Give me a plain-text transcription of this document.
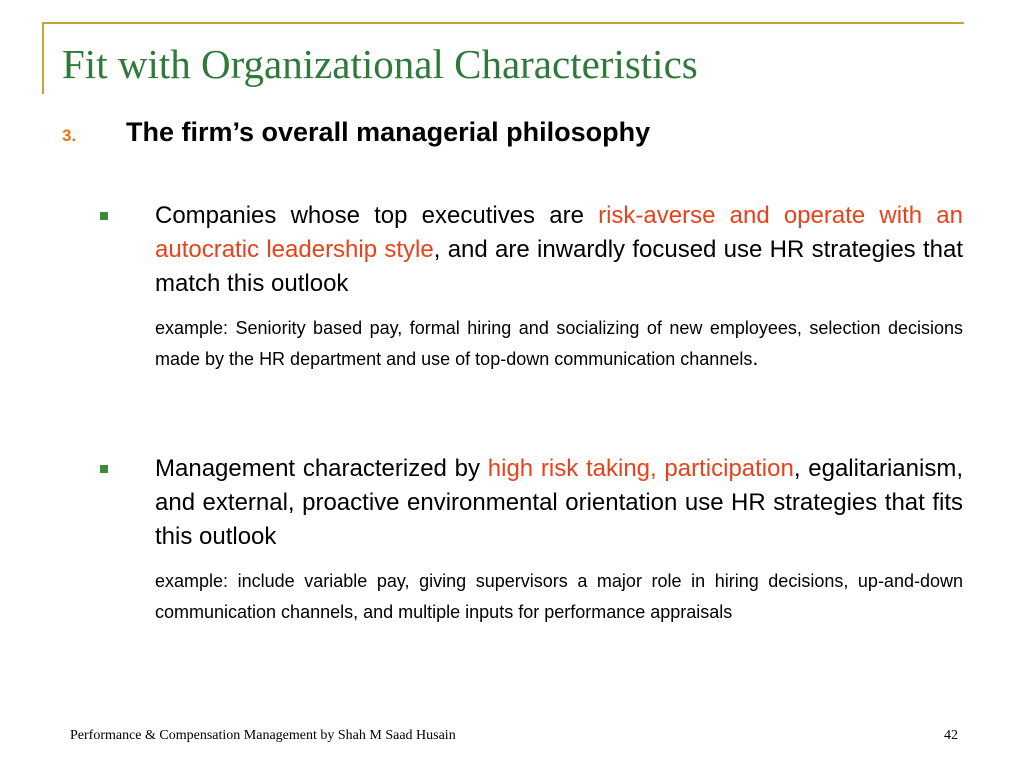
Fit with Organizational Characteristics
3. The firm’s overall managerial philosophy
Companies whose top executives are risk-averse and operate with an autocratic leadership style, and are inwardly focused use HR strategies that match this outlook
example: Seniority based pay, formal hiring and socializing of new employees, selection decisions made by the HR department and use of top-down communication channels.
Management characterized by high risk taking, participation, egalitarianism, and external, proactive environmental orientation use HR strategies that fits this outlook
example: include variable pay, giving supervisors a major role in hiring decisions, up-and-down communication channels, and multiple inputs for performance appraisals
Performance & Compensation Management by Shah M Saad Husain	42
